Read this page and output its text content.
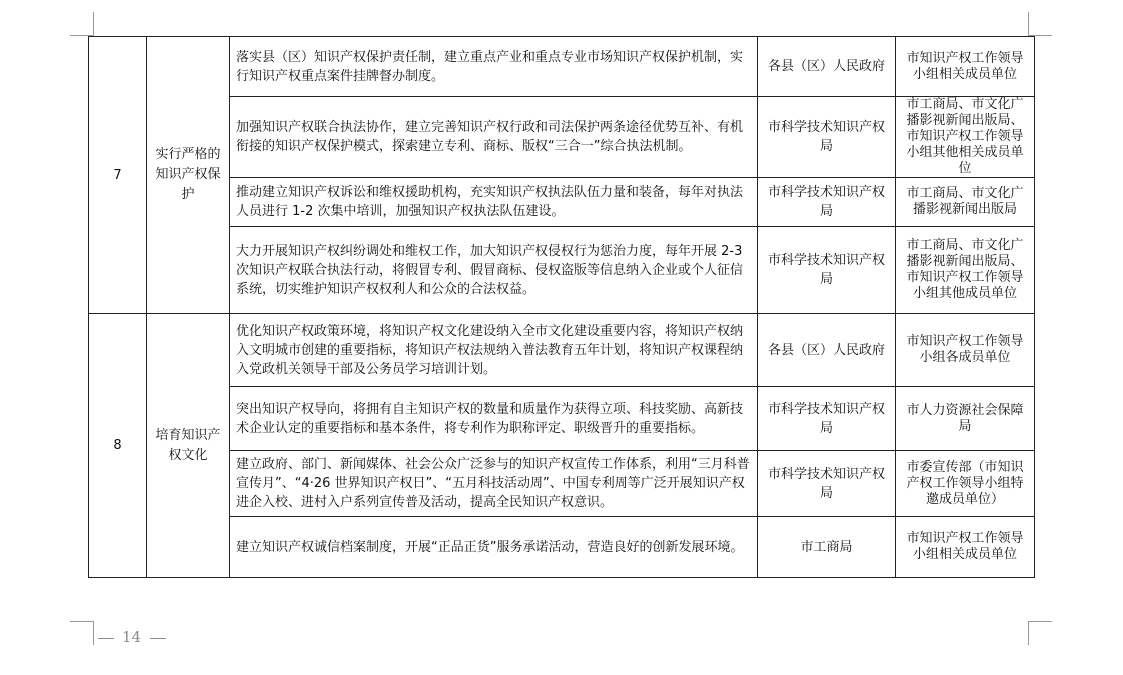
7	实行严格的知识产权保护	落实县（区）知识产权保护责任制，建立重点产业和重点专业市场知识产权保护机制，实行知识产权重点案件挂牌督办制度。	各县（区）人民政府	市知识产权工作领导小组相关成员单位
		加强知识产权联合执法协作，建立完善知识产权行政和司法保护两条途径优势互补、有机衔接的知识产权保护模式，探索建立专利、商标、版权“三合一”综合执法机制。	市科学技术知识产权局	市工商局、市文化广播影视新闻出版局、市知识产权工作领导小组其他相关成员单位
		推动建立知识产权诉讼和维权援助机构，充实知识产权执法队伍力量和装备，每年对执法人员进行 1-2 次集中培训，加强知识产权执法队伍建设。	市科学技术知识产权局	市工商局、市文化广播影视新闻出版局
		大力开展知识产权纠纷调处和维权工作，加大知识产权侵权行为惩治力度，每年开展 2-3 次知识产权联合执法行动，将假冒专利、假冒商标、侵权盗版等信息纳入企业或个人征信系统，切实维护知识产权权利人和公众的合法权益。	市科学技术知识产权局	市工商局、市文化广播影视新闻出版局、市知识产权工作领导小组其他成员单位
8	培育知识产权文化	优化知识产权政策环境，将知识产权文化建设纳入全市文化建设重要内容，将知识产权纳入文明城市创建的重要指标，将知识产权法规纳入普法教育五年计划，将知识产权课程纳入党政机关领导干部及公务员学习培训计划。	各县（区）人民政府	市知识产权工作领导小组各成员单位
		突出知识产权导向，将拥有自主知识产权的数量和质量作为获得立项、科技奖励、高新技术企业认定的重要指标和基本条件，将专利作为职称评定、职级晋升的重要指标。	市科学技术知识产权局	市人力资源社会保障局
		建立政府、部门、新闻媒体、社会公众广泛参与的知识产权宣传工作体系，利用“三月科普宣传月”、“4·26 世界知识产权日”、“五月科技活动周”、中国专利周等广泛开展知识产权进企入校、进村入户系列宣传普及活动，提高全民知识产权意识。	市科学技术知识产权局	市委宣传部（市知识产权工作领导小组特邀成员单位）
		建立知识产权诚信档案制度，开展“正品正货”服务承诺活动，营造良好的创新发展环境。	市工商局	市知识产权工作领导小组相关成员单位
14
